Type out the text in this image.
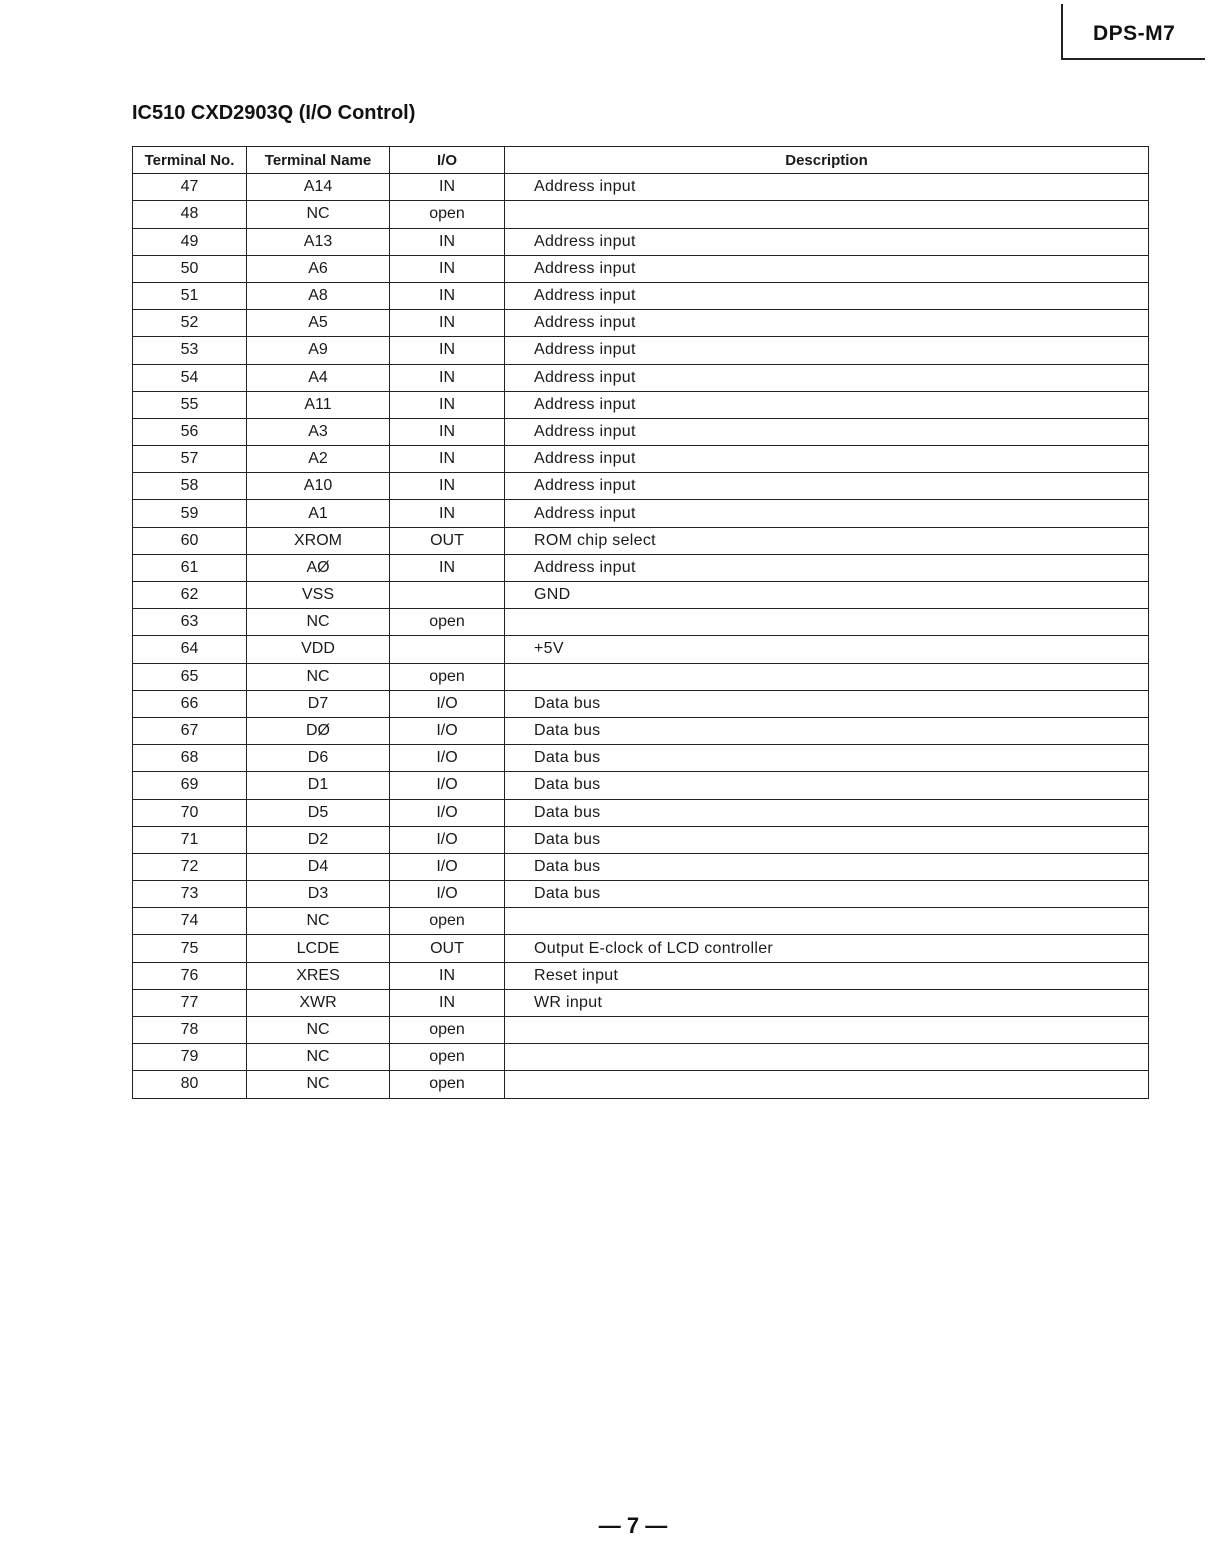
DPS-M7
IC510 CXD2903Q (I/O Control)
Terminal No.	Terminal Name	I/O	Description
47	A14	IN	Address input
48	NC	open	
49	A13	IN	Address input
50	A6	IN	Address input
51	A8	IN	Address input
52	A5	IN	Address input
53	A9	IN	Address input
54	A4	IN	Address input
55	A11	IN	Address input
56	A3	IN	Address input
57	A2	IN	Address input
58	A10	IN	Address input
59	A1	IN	Address input
60	XROM	OUT	ROM chip select
61	AØ	IN	Address input
62	VSS		GND
63	NC	open	
64	VDD		+5V
65	NC	open	
66	D7	I/O	Data bus
67	DØ	I/O	Data bus
68	D6	I/O	Data bus
69	D1	I/O	Data bus
70	D5	I/O	Data bus
71	D2	I/O	Data bus
72	D4	I/O	Data bus
73	D3	I/O	Data bus
74	NC	open	
75	LCDE	OUT	Output E-clock of LCD controller
76	XRES	IN	Reset input
77	XWR	IN	WR input
78	NC	open	
79	NC	open	
80	NC	open	
— 7 —
